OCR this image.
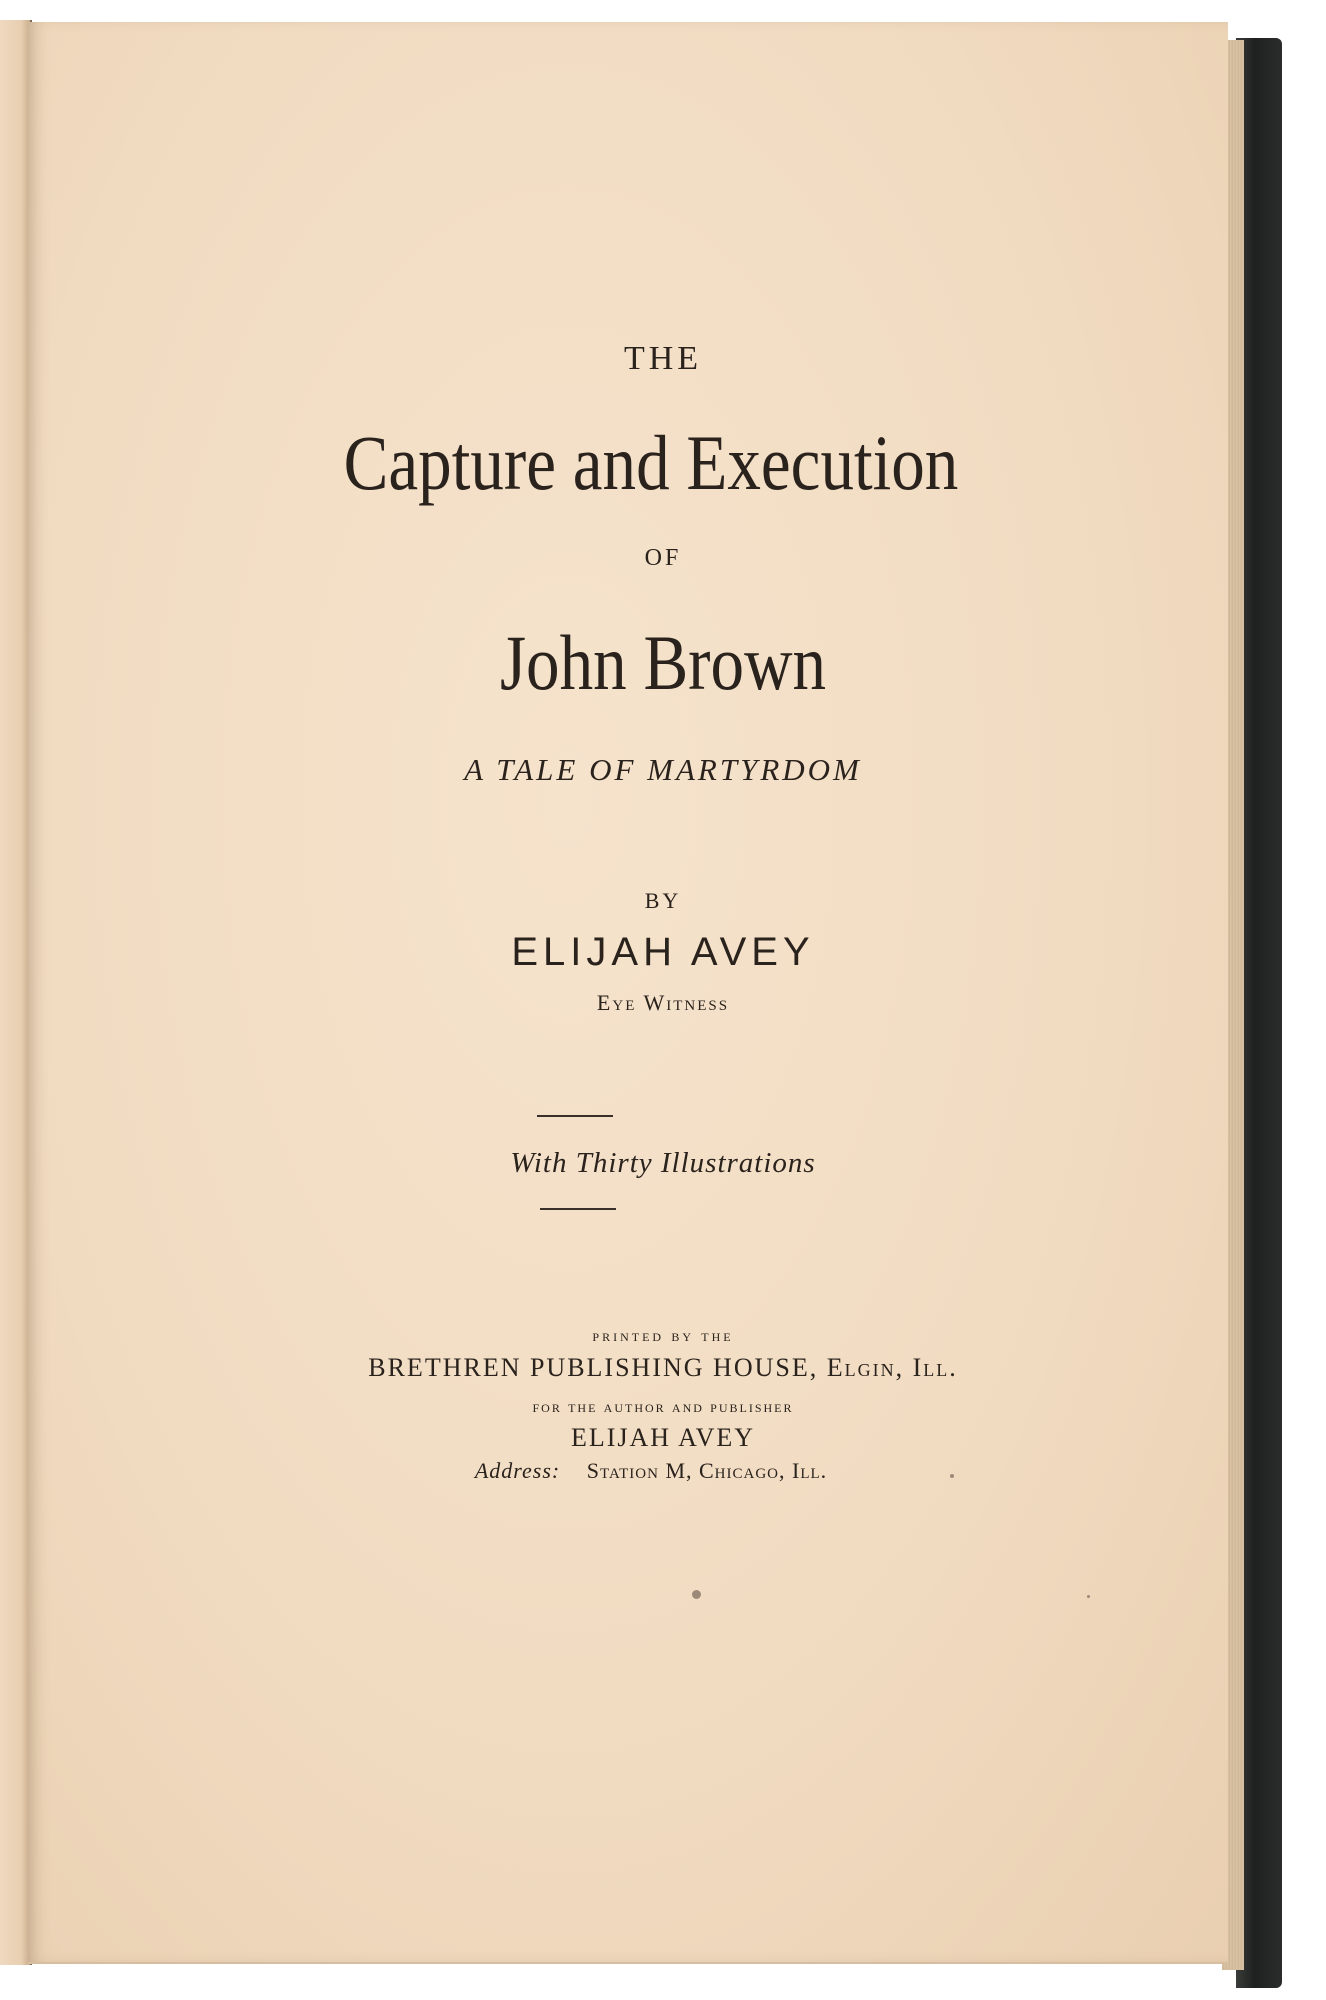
THE
Capture and Execution
OF
John Brown
A TALE OF MARTYRDOM
BY
ELIJAH AVEY
Eye Witness
With Thirty Illustrations
printed by the
BRETHREN PUBLISHING HOUSE, Elgin, Ill.
for the author and publisher
ELIJAH AVEY
Address: Station M, Chicago, Ill.
